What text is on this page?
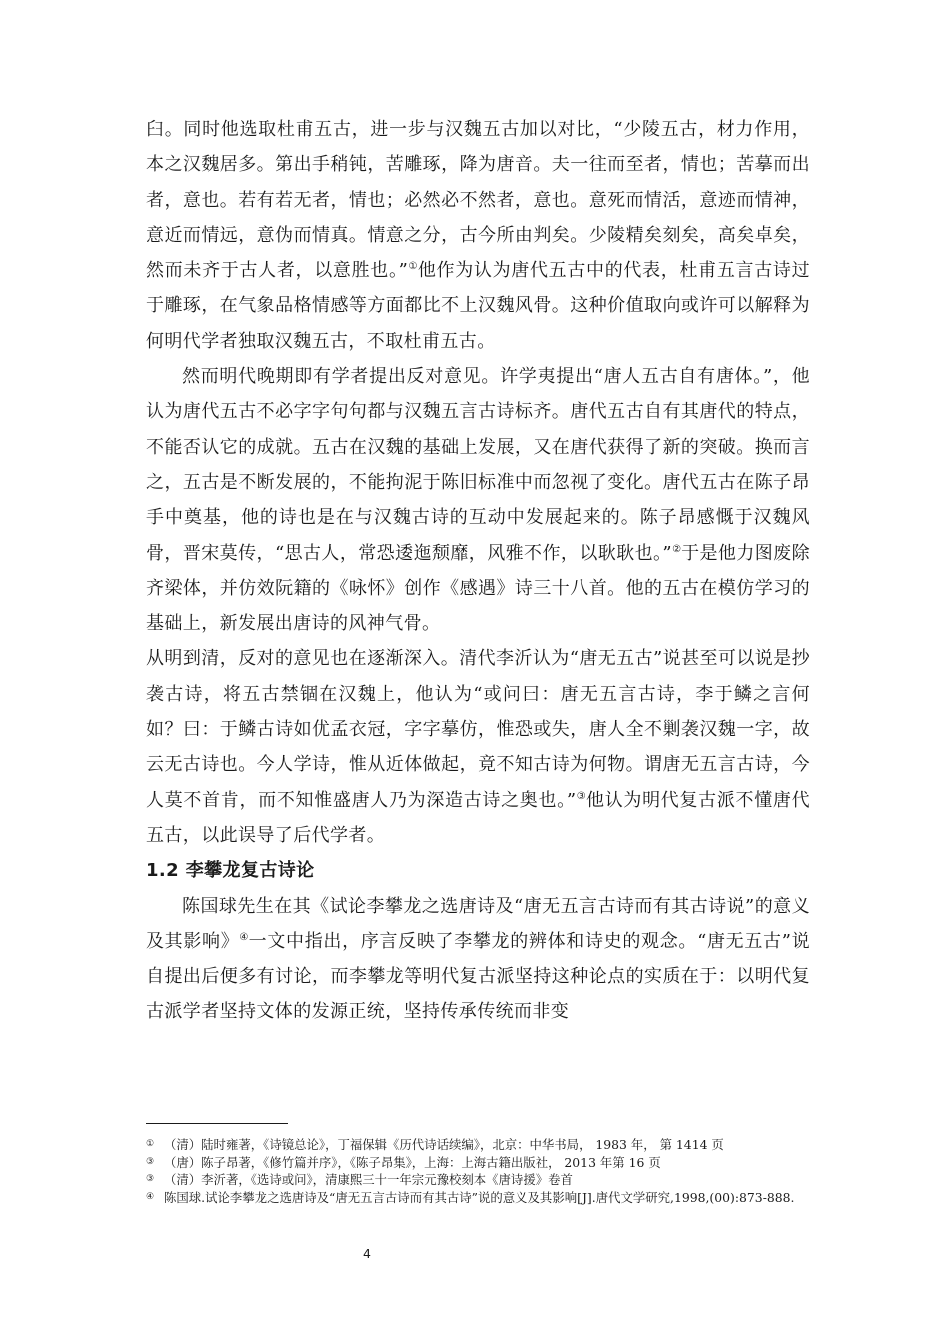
臼。同时他选取杜甫五古，进一步与汉魏五古加以对比，“少陵五古，材力作用，本之汉魏居多。第出手稍钝，苦雕琢，降为唐音。夫一往而至者，情也；苦摹而出者，意也。若有若无者，情也；必然必不然者，意也。意死而情活，意迹而情神，意近而情远，意伪而情真。情意之分，古今所由判矣。少陵精矣刻矣，高矣卓矣，然而未齐于古人者，以意胜也。”①他作为认为唐代五古中的代表，杜甫五言古诗过于雕琢，在气象品格情感等方面都比不上汉魏风骨。这种价值取向或许可以解释为何明代学者独取汉魏五古，不取杜甫五古。

然而明代晚期即有学者提出反对意见。许学夷提出“唐人五古自有唐体。”，他认为唐代五古不必字字句句都与汉魏五言古诗标齐。唐代五古自有其唐代的特点，不能否认它的成就。五古在汉魏的基础上发展，又在唐代获得了新的突破。换而言之，五古是不断发展的，不能拘泥于陈旧标准中而忽视了变化。唐代五古在陈子昂手中奠基，他的诗也是在与汉魏古诗的互动中发展起来的。陈子昂感慨于汉魏风骨，晋宋莫传，“思古人，常恐逶迤颓靡，风雅不作，以耿耿也。”②于是他力图废除齐梁体，并仿效阮籍的《咏怀》创作《感遇》诗三十八首。他的五古在模仿学习的基础上，新发展出唐诗的风神气骨。

从明到清，反对的意见也在逐渐深入。清代李沂认为“唐无五古”说甚至可以说是抄袭古诗，将五古禁锢在汉魏上，他认为“或问曰：唐无五言古诗，李于鳞之言何如？曰：于鳞古诗如优孟衣冠，字字摹仿，惟恐或失，唐人全不剿袭汉魏一字，故云无古诗也。今人学诗，惟从近体做起，竟不知古诗为何物。谓唐无五言古诗，今人莫不首肯，而不知惟盛唐人乃为深造古诗之奥也。”③他认为明代复古派不懂唐代五古，以此误导了后代学者。

1.2 李攀龙复古诗论

陈国球先生在其《试论李攀龙之选唐诗及“唐无五言古诗而有其古诗说”的意义及其影响》④一文中指出，序言反映了李攀龙的辨体和诗史的观念。“唐无五古”说自提出后便多有讨论，而李攀龙等明代复古派坚持这种论点的实质在于：以明代复古派学者坚持文体的发源正统，坚持传承传统而非变

① （清）陆时雍著，《诗镜总论》，丁福保辑《历代诗话续编》，北京：中华书局， 1983 年， 第 1414 页

③ （唐）陈子昂著，《修竹篇并序》，《陈子昂集》，上海：上海古籍出版社， 2013 年第 16 页

③ （清）李沂著，《选诗或问》，清康熙三十一年宗元豫校刻本《唐诗援》卷首

④ 陈国球.试论李攀龙之选唐诗及“唐无五言古诗而有其古诗”说的意义及其影响[J].唐代文学研究,1998,(00):873-888.

4
